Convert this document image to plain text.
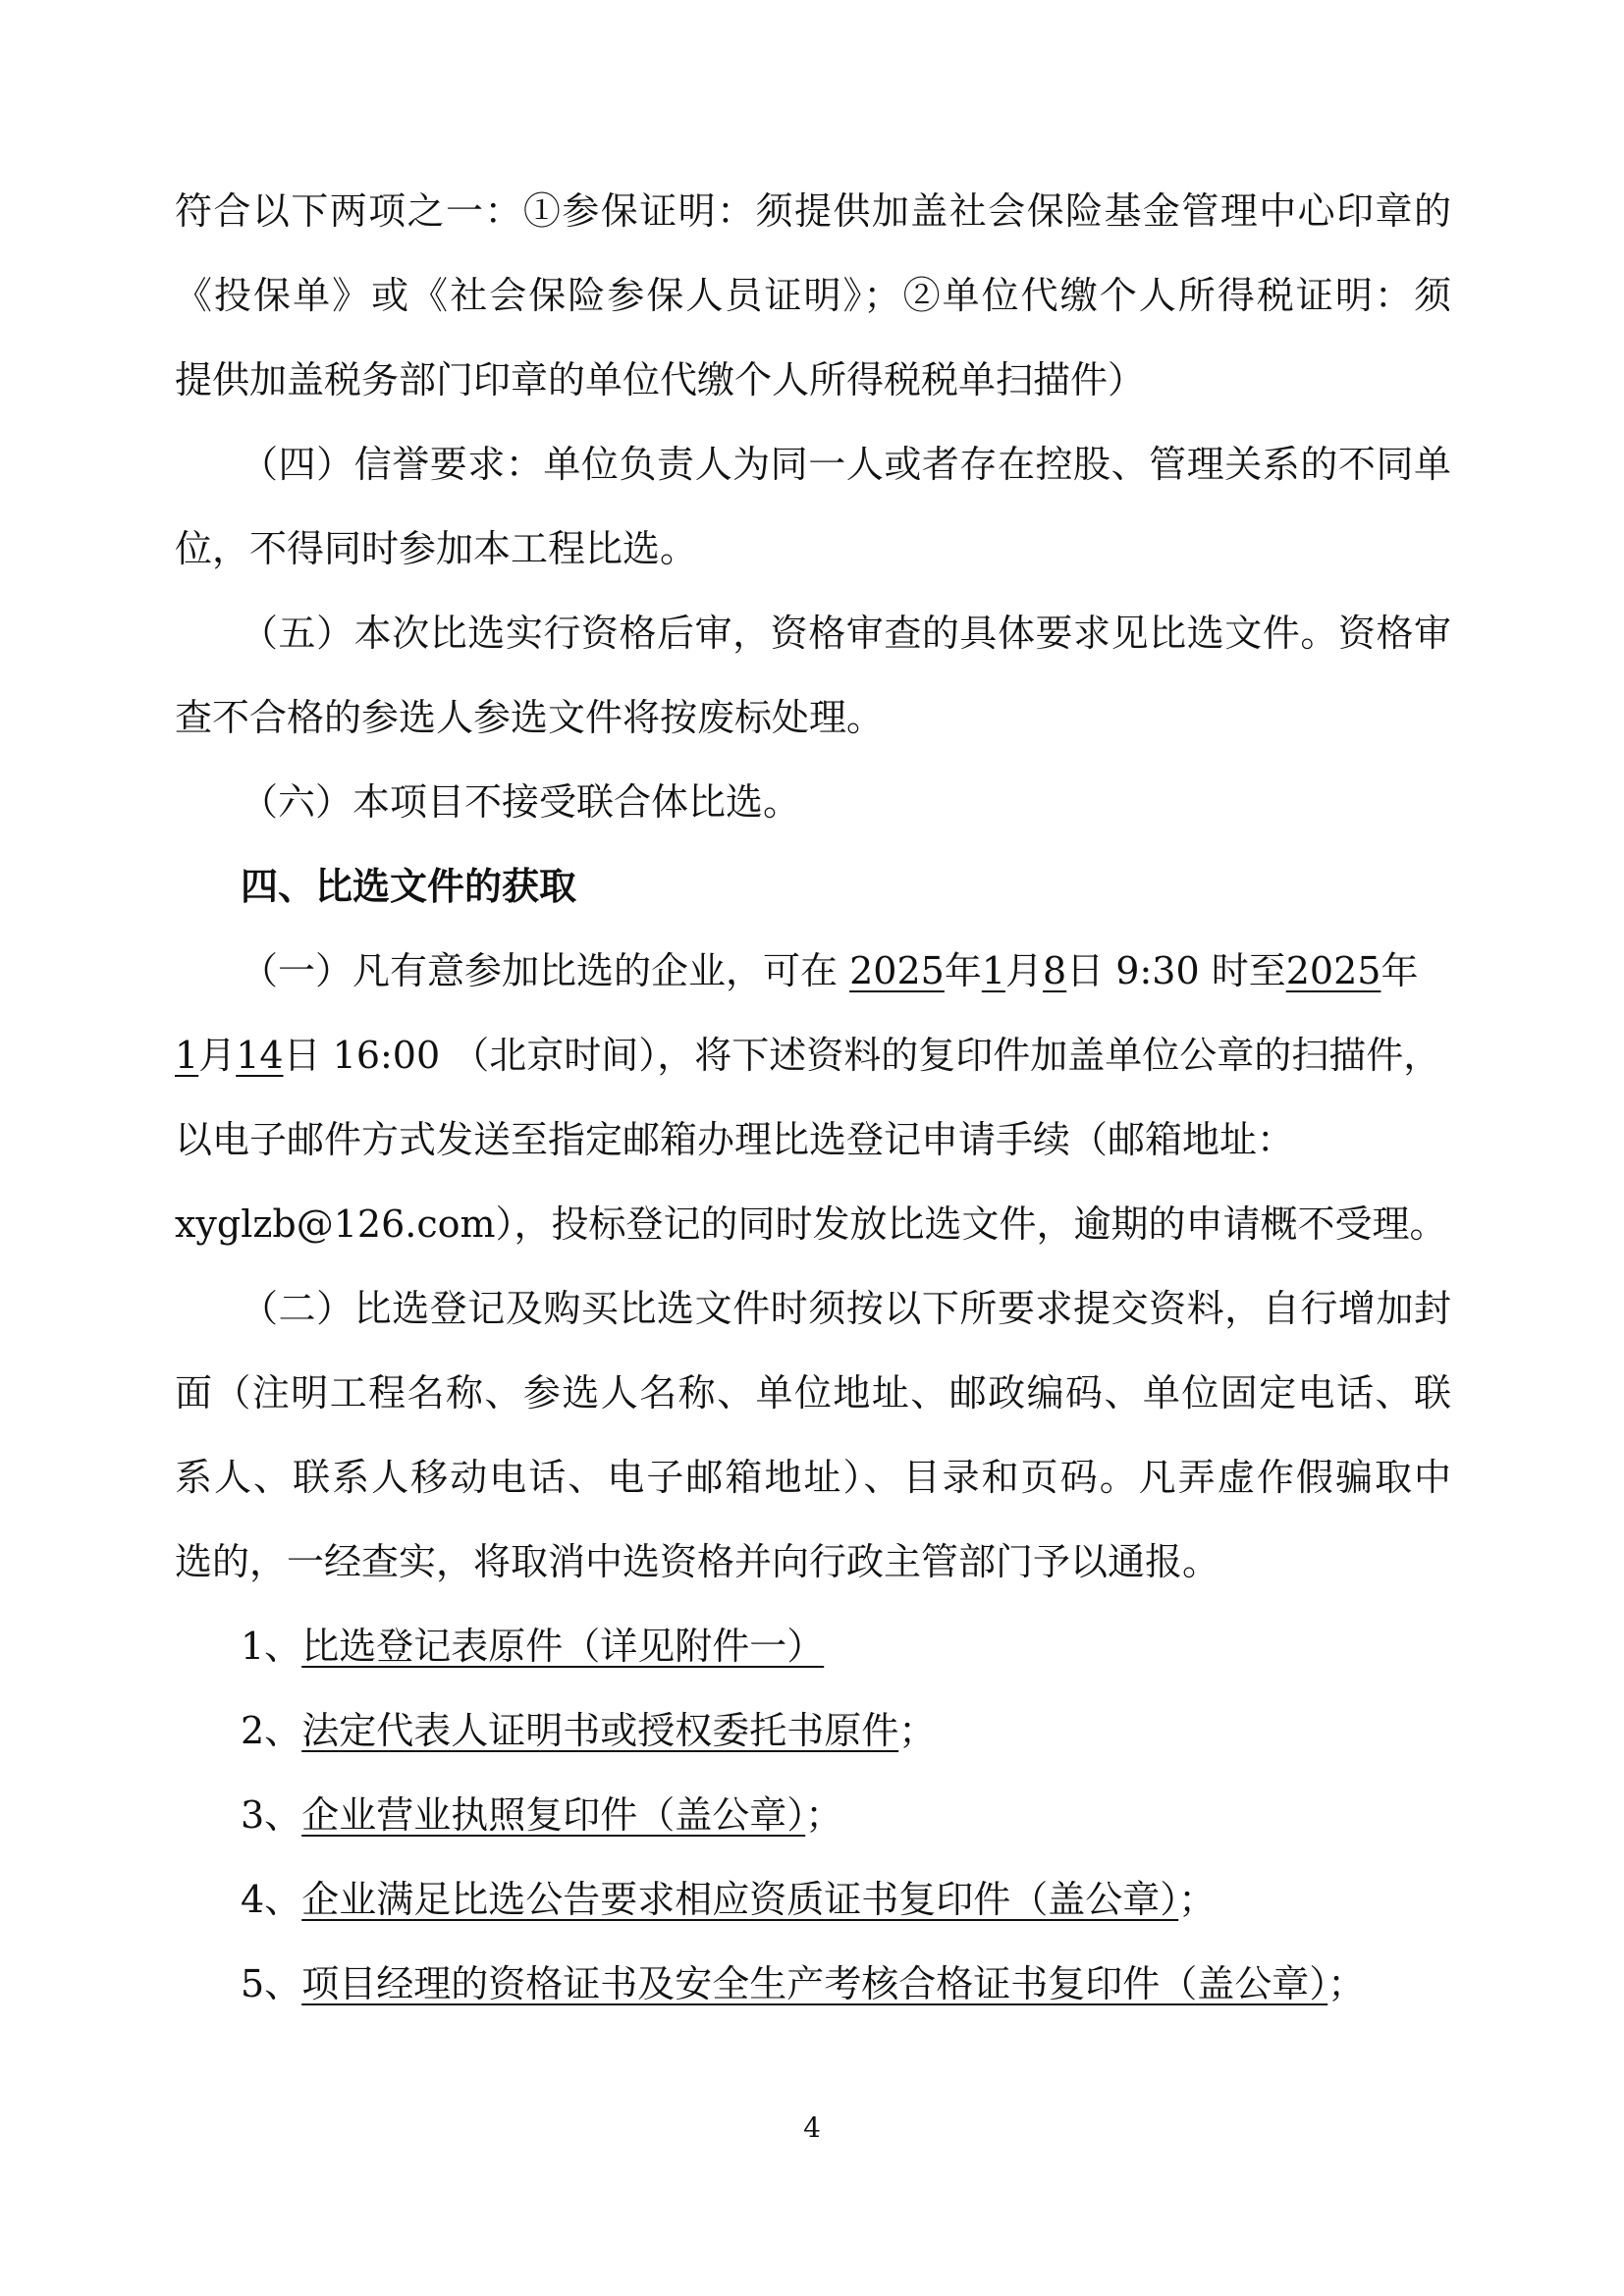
符合以下两项之一：①参保证明：须提供加盖社会保险基金管理中心印章的
《投保单》或《社会保险参保人员证明》；②单位代缴个人所得税证明：须
提供加盖税务部门印章的单位代缴个人所得税税单扫描件）
（四）信誉要求：单位负责人为同一人或者存在控股、管理关系的不同单
位，不得同时参加本工程比选。
（五）本次比选实行资格后审，资格审查的具体要求见比选文件。资格审
查不合格的参选人参选文件将按废标处理。
（六）本项目不接受联合体比选。
四、比选文件的获取
（一）凡有意参加比选的企业，可在 2025年1月8日 9:30 时至2025年
1月14日 16:00 （北京时间），将下述资料的复印件加盖单位公章的扫描件，
以电子邮件方式发送至指定邮箱办理比选登记申请手续（邮箱地址：
xyglzb@126.com），投标登记的同时发放比选文件，逾期的申请概不受理。
（二）比选登记及购买比选文件时须按以下所要求提交资料，自行增加封
面（注明工程名称、参选人名称、单位地址、邮政编码、单位固定电话、联
系人、联系人移动电话、电子邮箱地址）、目录和页码。凡弄虚作假骗取中
选的，一经查实，将取消中选资格并向行政主管部门予以通报。
1、比选登记表原件（详见附件一）
2、法定代表人证明书或授权委托书原件；
3、企业营业执照复印件（盖公章）；
4、企业满足比选公告要求相应资质证书复印件（盖公章）；
5、项目经理的资格证书及安全生产考核合格证书复印件（盖公章）；
4
